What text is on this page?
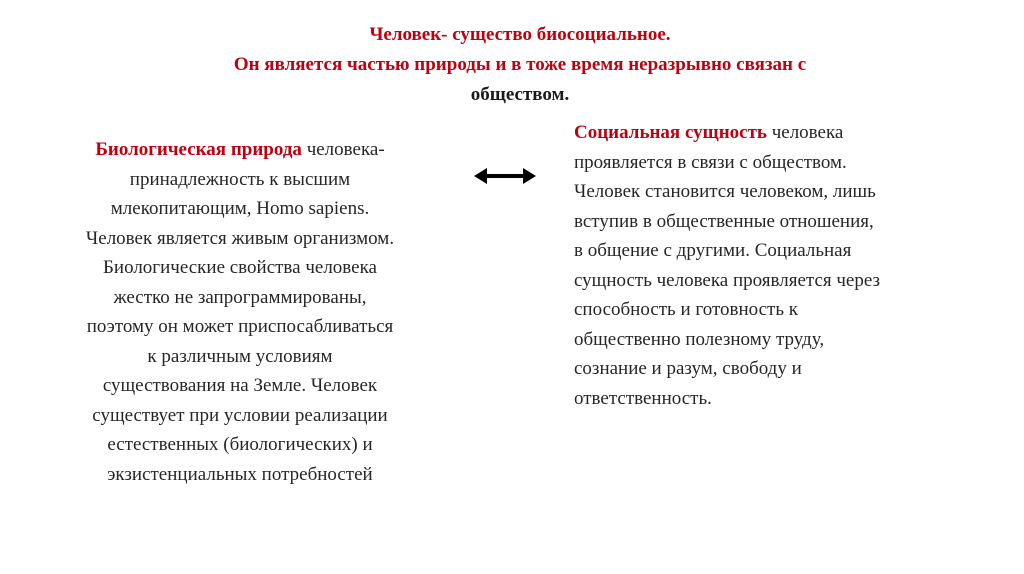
Человек- существо биосоциальное.
Он является частью природы и в тоже время неразрывно связан с
обществом.
Биологическая природа человека-
принадлежность к высшим
млекопитающим, Homo sapiens.
Человек является живым организмом.
Биологические свойства человека
жестко не запрограммированы,
поэтому он может приспосабливаться
к различным условиям
существования на Земле. Человек
существует при условии реализации
естественных (биологических) и
экзистенциальных потребностей
Социальная сущность человека
проявляется в связи с обществом.
Человек становится человеком, лишь
вступив в общественные отношения,
в общение с другими. Социальная
сущность человека проявляется через
способность и готовность к
общественно полезному труду,
сознание и разум, свободу и
ответственность.
